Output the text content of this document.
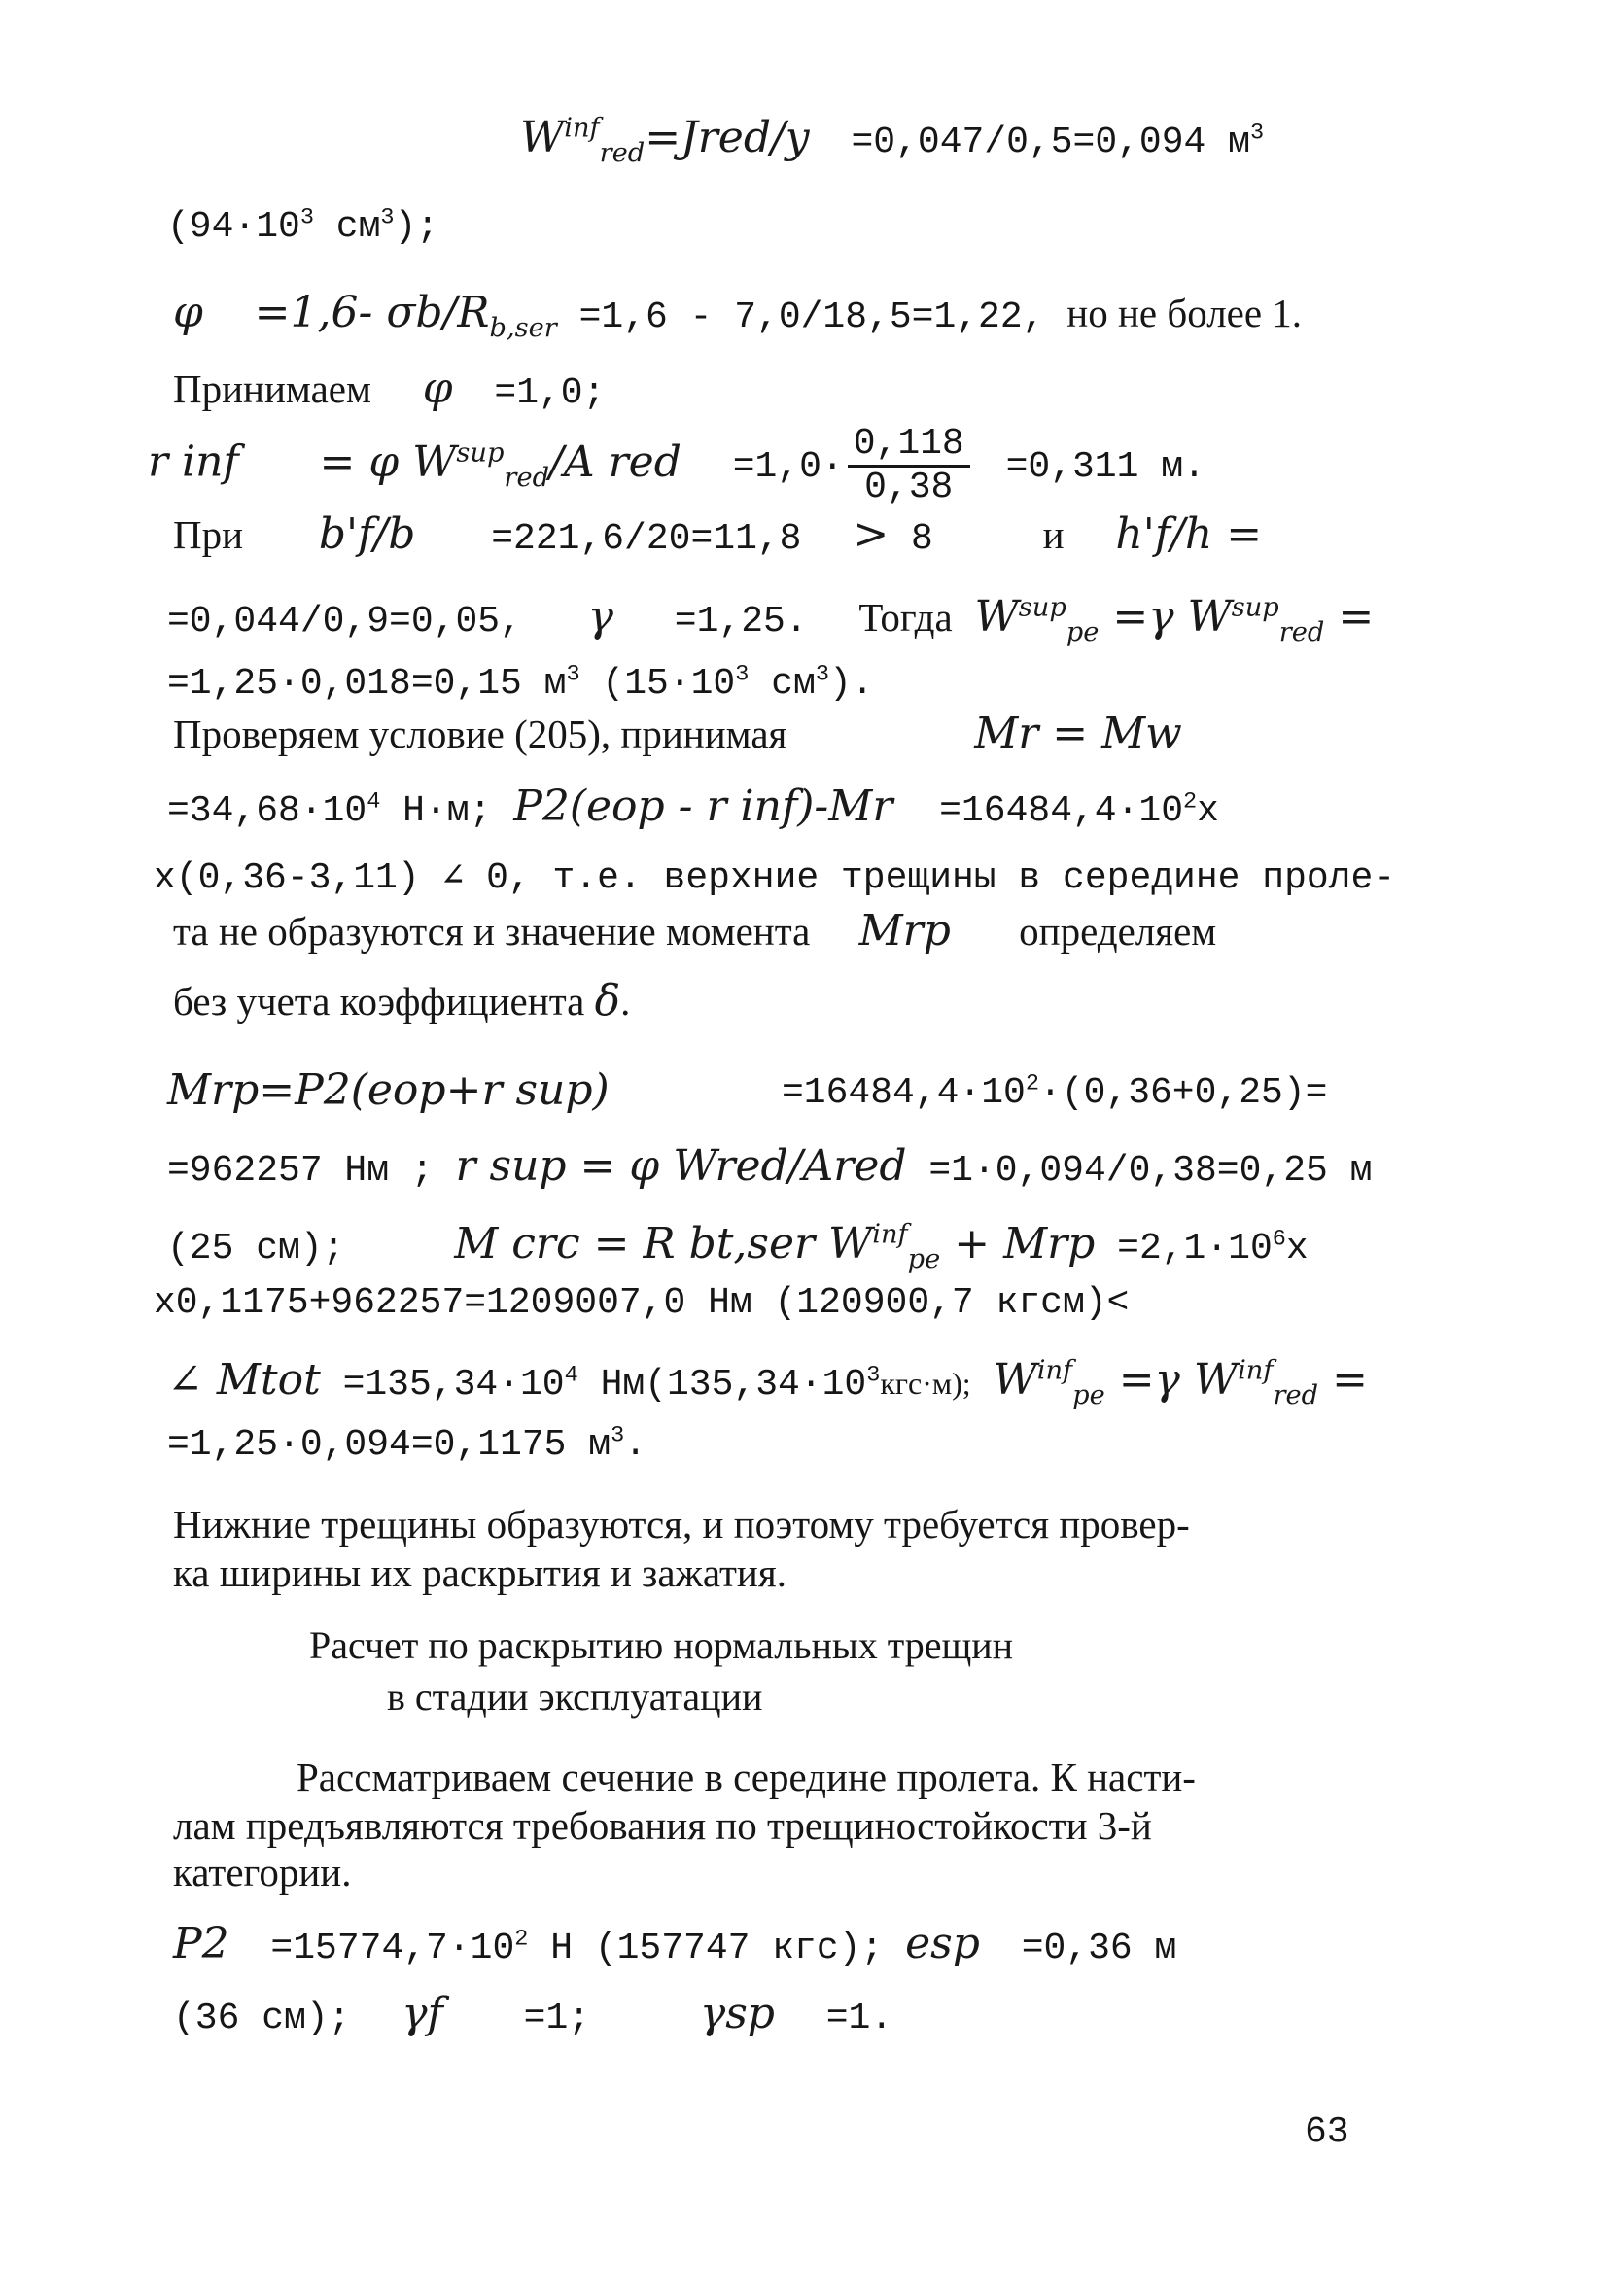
$W^{inf}_{red}=Jred/y =0,047/0,5=0,094$ $м^3$
($94\cdot 10^3$ $см^3$);
φ =1,6- $\sigma b/R_{b,ser} =1,6 - 7,0/18,5=1,22$, но не более 1.
Принимаем φ =1,0;
r inf = φ $W^{sup}_{red}/A$ red $=1,0\cdot \frac{0,118}{0,38} =0,311$ м.
При b'f/b =221,6/20=11,8 > 8	и h'f/h =
=0,044/0,9=0,05, γ =1,25. Тогда $W^{sup}_{pe} =\gamma$ $W^{sup}_{red}$ =
=1,25·0,018=0,15 $м^3$ ($15\cdot 10^3$ $см^3$).
Проверяем условие (205), принимая	Mr = Mw
$=34,68\cdot 10^4$ Н·м; P2(eop - r $inf)-Mr =16484,4\cdot 10^2x$
x(0,36-3,11) ∠ 0, т.е. верхние трещины в середине проле-
та не образуются и значение момента Mrp определяем
без учета коэффициента δ.
Mrp=P2(eop+r sup)	$=16484,4\cdot 10^2\cdot(0,36+0,25)=$
=962257 Нм ; r sup = φ Wred/Ared =1·0,094/0,38=0,25 м
(25 см);	M crc = R bt,ser $W^{inf}_{pe}$ + Mrp $=2,1\cdot 10^6x$
x0,1175+962257=1209007,0 Нм (120900,7 кгсм)<
∠ Mtot $=135,34\cdot 10^4$ $Нм(135,34\cdot 10^3кгс\cdot м)$; $W^{inf}_{pe} =\gamma$ $W^{inf}_{red}$ =
=1,25·0,094=0,1175 $м^3$.
Нижние трещины образуются, и поэтому требуется провер-
ка ширины их раскрытия и зажатия.
Расчет по раскрытию нормальных трещин
в стадии эксплуатации
Рассматриваем сечение в середине пролета. К насти-
лам предъявляются требования по трещиностойкости 3-й
категории.
$P2 =15774,7\cdot 10^2$ Н (157747 кгс); esp =0,36 м
(36 см); γf =1;	γsp =1.
63
